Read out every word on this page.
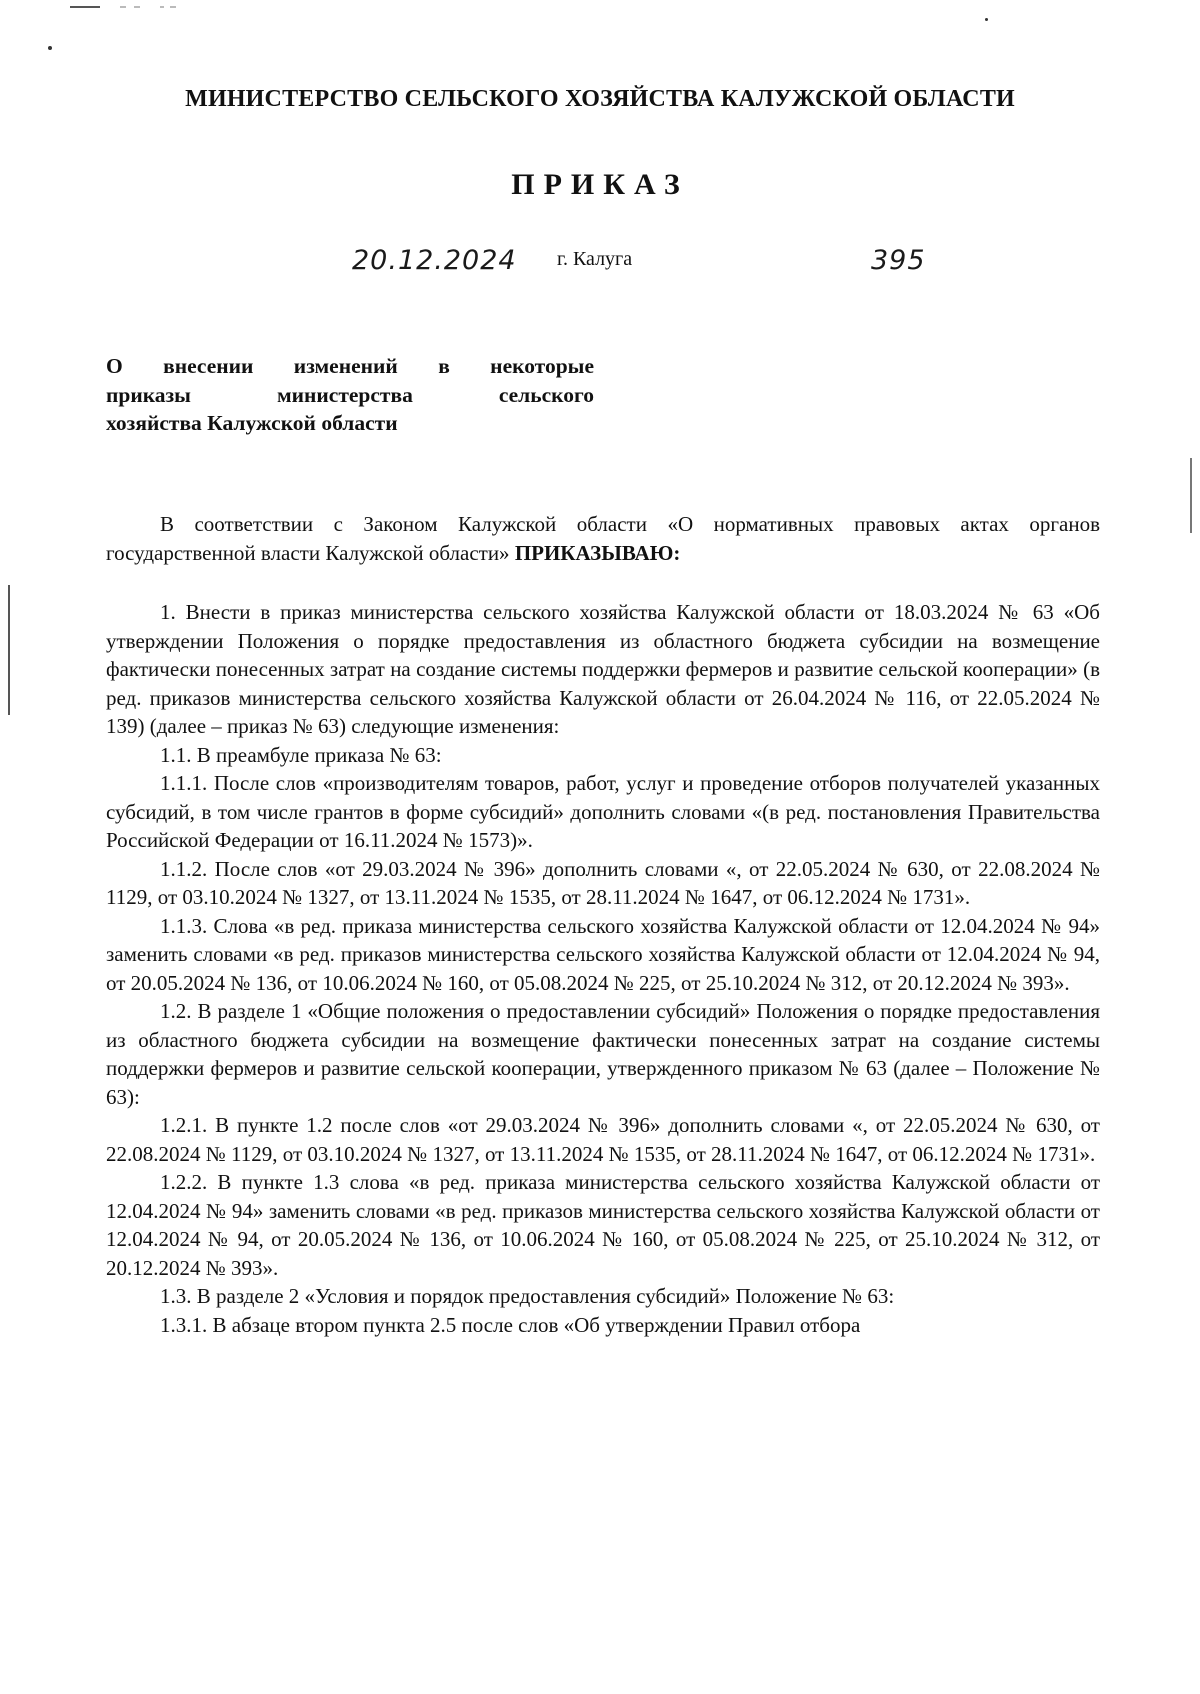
МИНИСТЕРСТВО СЕЛЬСКОГО ХОЗЯЙСТВА КАЛУЖСКОЙ ОБЛАСТИ
ПРИКАЗ
20.12.2024 г. Калуга	395
О внесении изменений в некоторые
приказы министерства сельского
хозяйства Калужской области

В соответствии с Законом Калужской области «О нормативных правовых актах органов государственной власти Калужской области» ПРИКАЗЫВАЮ:

1. Внести в приказ министерства сельского хозяйства Калужской области от 18.03.2024 № 63 «Об утверждении Положения о порядке предоставления из областного бюджета субсидии на возмещение фактически понесенных затрат на создание системы поддержки фермеров и развитие сельской кооперации» (в ред. приказов министерства сельского хозяйства Калужской области от 26.04.2024 № 116, от 22.05.2024 № 139) (далее – приказ № 63) следующие изменения:

1.1. В преамбуле приказа № 63:

1.1.1. После слов «производителям товаров, работ, услуг и проведение отборов получателей указанных субсидий, в том числе грантов в форме субсидий» дополнить словами «(в ред. постановления Правительства Российской Федерации от 16.11.2024 № 1573)».

1.1.2. После слов «от 29.03.2024 № 396» дополнить словами «, от 22.05.2024 № 630, от 22.08.2024 № 1129, от 03.10.2024 № 1327, от 13.11.2024 № 1535, от 28.11.2024 № 1647, от 06.12.2024 № 1731».

1.1.3. Слова «в ред. приказа министерства сельского хозяйства Калужской области от 12.04.2024 № 94» заменить словами «в ред. приказов министерства сельского хозяйства Калужской области от 12.04.2024 № 94, от 20.05.2024 № 136, от 10.06.2024 № 160, от 05.08.2024 № 225, от 25.10.2024 № 312, от 20.12.2024 № 393».

1.2. В разделе 1 «Общие положения о предоставлении субсидий» Положения о порядке предоставления из областного бюджета субсидии на возмещение фактически понесенных затрат на создание системы поддержки фермеров и развитие сельской кооперации, утвержденного приказом № 63 (далее – Положение № 63):

1.2.1. В пункте 1.2 после слов «от 29.03.2024 № 396» дополнить словами «, от 22.05.2024 № 630, от 22.08.2024 № 1129, от 03.10.2024 № 1327, от 13.11.2024 № 1535, от 28.11.2024 № 1647, от 06.12.2024 № 1731».

1.2.2. В пункте 1.3 слова «в ред. приказа министерства сельского хозяйства Калужской области от 12.04.2024 № 94» заменить словами «в ред. приказов министерства сельского хозяйства Калужской области от 12.04.2024 № 94, от 20.05.2024 № 136, от 10.06.2024 № 160, от 05.08.2024 № 225, от 25.10.2024 № 312, от 20.12.2024 № 393».

1.3. В разделе 2 «Условия и порядок предоставления субсидий» Положение № 63:

1.3.1. В абзаце втором пункта 2.5 после слов «Об утверждении Правил отбора
